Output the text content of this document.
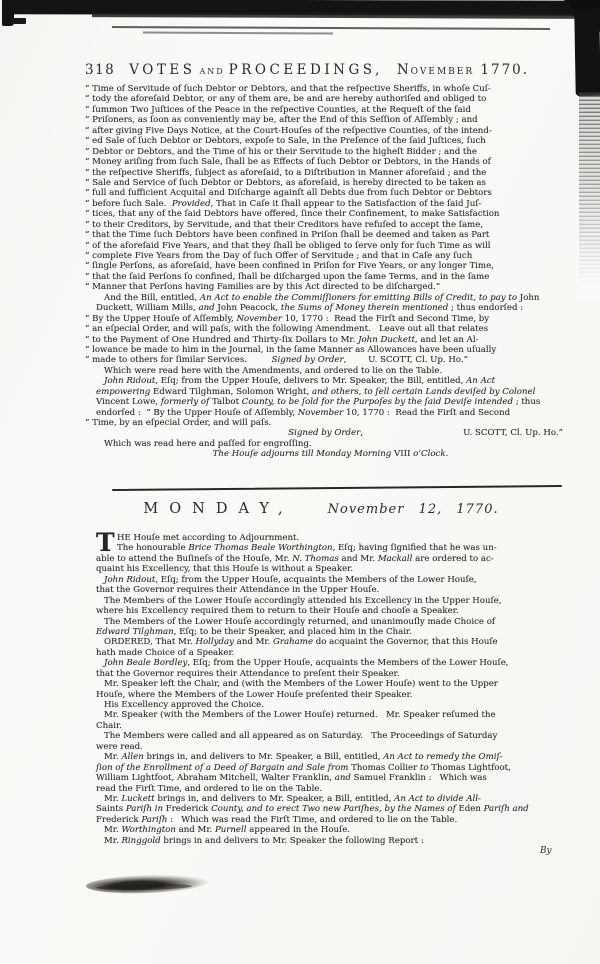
318 VOTES and PROCEEDINGS, November 1770.
“ Time of Servitude of ſuch Debtor or Debtors, and that the reſpective Sheriffs, in whoſe Cuſ-
“ tody the aforeſaid Debtor, or any of them are, be and are hereby authoriſed and obliged to
“ ſummon Two Juſtices of the Peace in the reſpective Counties, at the Requeſt of the ſaid
“ Priſoners, as ſoon as conveniently may be, after the End of this Seſſion of Aſſembly ; and
“ after giving Five Days Notice, at the Court-Houſes of the reſpective Counties, of the intend-
“ ed Sale of ſuch Debtor or Debtors, expoſe to Sale, in the Preſence of the ſaid Juſtices, ſuch
“ Debtor or Debtors, and the Time of his or their Servitude to the higheſt Bidder ; and the
“ Money ariſing from ſuch Sale, ſhall be as Effects of ſuch Debtor or Debtors, in the Hands of
“ the reſpective Sheriffs, ſubject as aforeſaid, to a Diſtribution in Manner aforeſaid ; and the
“ Sale and Service of ſuch Debtor or Debtors, as aforeſaid, is hereby directed to be taken as
“ full and ſufficient Acquital and Diſcharge againſt all Debts due from ſuch Debtor or Debtors
“ before ſuch Sale.  Provided, That in Caſe it ſhall appear to the Satisfaction of the ſaid Juſ-
“ tices, that any of the ſaid Debtors have offered, ſince their Confinement, to make Satisfaction
“ to their Creditors, by Servitude, and that their Creditors have refuſed to accept the ſame,
“ that the Time ſuch Debtors have been confined in Priſon ſhall be deemed and taken as Part
“ of the aforeſaid Five Years, and that they ſhall be obliged to ſerve only for ſuch Time as will
“ complete Five Years from the Day of ſuch Offer of Servitude ; and that in Caſe any ſuch
“ ſingle Perſons, as aforeſaid, have been confined in Priſon for Five Years, or any longer Time,
“ that the ſaid Perſons ſo confined, ſhall be diſcharged upon the ſame Terms, and in the ſame
“ Manner that Perſons having Families are by this Act directed to be diſcharged.”
And the Bill, entitled, An Act to enable the Commiſſioners for emitting Bills of Credit, to pay to John
Duckett, William Mills, and John Peacock, the Sums of Money therein mentioned ; thus endorſed :
“ By the Upper Houſe of Aſſembly, November 10, 1770 :  Read the Firſt and Second Time, by
“ an eſpecial Order, and will paſs, with the following Amendment.   Leave out all that relates
“ to the Payment of One Hundred and Thirty-ſix Dollars to Mr. John Duckett, and let an Al-
“ lowance be made to him in the Journal, in the ſame Manner as Allowances have been uſually
“ made to others for ſimilar Services.         Signed by Order,        U. SCOTT, Cl. Up. Ho.”
Which were read here with the Amendments, and ordered to lie on the Table.
John Ridout, Eſq; from the Upper Houſe, delivers to Mr. Speaker, the Bill, entitled, An Act
empowering Edward Tilghman, Solomon Wright, and others, to ſell certain Lands deviſed by Colonel
Vincent Lowe, formerly of Talbot County, to be ſold for the Purpoſes by the ſaid Deviſe intended ; thus
endorſed :  “ By the Upper Houſe of Aſſembly, November 10, 1770 :  Read the Firſt and Second
“ Time, by an eſpecial Order, and will paſs.
Signed by Order,	U. SCOTT, Cl. Up. Ho.”
Which was read here and paſſed for engroſſing.
The Houſe adjourns till Monday Morning VIII o’Clock.
MONDAY,	November 12, 1770.
T HE Houſe met according to Adjournment.
The honourable Brice Thomas Beale Worthington, Eſq; having ſignified that he was un-
able to attend the Buſineſs of the Houſe, Mr. N. Thomas and Mr. Mackall are ordered to ac-
quaint his Excellency, that this Houſe is without a Speaker.
John Ridout, Eſq; from the Upper Houſe, acquaints the Members of the Lower Houſe,
that the Governor requires their Attendance in the Upper Houſe.
The Members of the Lower Houſe accordingly attended his Excellency in the Upper Houſe,
where his Excellency required them to return to their Houſe and chooſe a Speaker.
The Members of the Lower Houſe accordingly returned, and unanimouſly made Choice of
Edward Tilghman, Eſq; to be their Speaker, and placed him in the Chair.
ORDERED, That Mr. Hollyday and Mr. Grahame do acquaint the Governor, that this Houſe
hath made Choice of a Speaker.
John Beale Bordley, Eſq; from the Upper Houſe, acquaints the Members of the Lower Houſe,
that the Governor requires their Attendance to preſent their Speaker.
Mr. Speaker left the Chair, and (with the Members of the Lower Houſe) went to the Upper
Houſe, where the Members of the Lower Houſe preſented their Speaker.
His Excellency approved the Choice.
Mr. Speaker (with the Members of the Lower Houſe) returned.   Mr. Speaker reſumed the
Chair.
The Members were called and all appeared as on Saturday.   The Proceedings of Saturday
were read.
Mr. Allen brings in, and delivers to Mr. Speaker, a Bill, entitled, An Act to remedy the Omiſ-
ſion of the Enrollment of a Deed of Bargain and Sale from Thomas Collier to Thomas Lightfoot,
William Lightfoot, Abraham Mitchell, Walter Franklin, and Samuel Franklin :   Which was
read the Firſt Time, and ordered to lie on the Table.
Mr. Luckett brings in, and delivers to Mr. Speaker, a Bill, entitled, An Act to divide All-
Saints Pariſh in Frederick County, and to erect Two new Pariſhes, by the Names of Eden Pariſh and
Frederick Pariſh :   Which was read the Firſt Time, and ordered to lie on the Table.
Mr. Worthington and Mr. Purnell appeared in the Houſe.
Mr. Ringgold brings in and delivers to Mr. Speaker the following Report :
By
